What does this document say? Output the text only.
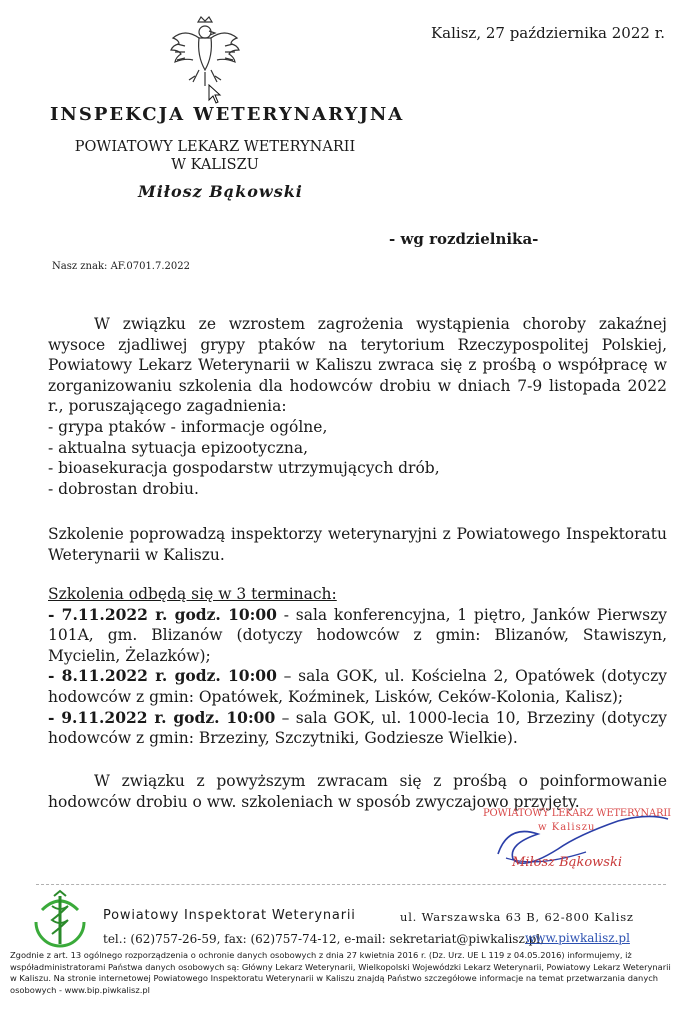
Kalisz, 27 października 2022 r.
INSPEKCJA WETERYNARYJNA
POWIATOWY LEKARZ WETERYNARII
W KALISZU
Miłosz Bąkowski
- wg rozdzielnika-
Nasz znak: AF.0701.7.2022

W związku ze wzrostem zagrożenia wystąpienia choroby zakaźnej wysoce zjadliwej grypy ptaków na terytorium Rzeczypospolitej Polskiej, Powiatowy Lekarz Weterynarii w Kaliszu zwraca się z prośbą o współpracę w zorganizowaniu szkolenia dla hodowców drobiu w dniach 7-9 listopada 2022 r., poruszającego zagadnienia:

- grypa ptaków - informacje ogólne,

- aktualna sytuacja epizootyczna,

- bioasekuracja gospodarstw utrzymujących drób,

- dobrostan drobiu.

Szkolenie poprowadzą inspektorzy weterynaryjni z Powiatowego Inspektoratu Weterynarii w Kaliszu.

Szkolenia odbędą się w 3 terminach:

- 7.11.2022 r. godz. 10:00 - sala konferencyjna, 1 piętro, Janków Pierwszy 101A, gm. Blizanów (dotyczy hodowców z gmin: Blizanów, Stawiszyn, Mycielin, Żelazków);

- 8.11.2022 r. godz. 10:00 – sala GOK, ul. Kościelna 2, Opatówek (dotyczy hodowców z gmin: Opatówek, Koźminek, Lisków, Ceków-Kolonia, Kalisz);

- 9.11.2022 r. godz. 10:00 – sala GOK, ul. 1000-lecia 10, Brzeziny (dotyczy hodowców z gmin: Brzeziny, Szczytniki, Godziesze Wielkie).

W związku z powyższym zwracam się z prośbą o poinformowanie hodowców drobiu o ww. szkoleniach w sposób zwyczajowo przyjęty.
POWIATOWY LEKARZ WETERYNARII
w Kaliszu
Miłosz Bąkowski
Powiatowy Inspektorat Weterynarii	ul. Warszawska 63 B, 62-800 Kalisz
tel.: (62)757-26-59, fax: (62)757-74-12, e-mail: sekretariat@piwkalisz.pl,
www.piwkalisz.pl
Zgodnie z art. 13 ogólnego rozporządzenia o ochronie danych osobowych z dnia 27 kwietnia 2016 r. (Dz. Urz. UE L 119 z 04.05.2016) informujemy, iż współadministratorami Państwa danych osobowych są: Główny Lekarz Weterynarii, Wielkopolski Wojewódzki Lekarz Weterynarii, Powiatowy Lekarz Weterynarii w Kaliszu. Na stronie internetowej Powiatowego Inspektoratu Weterynarii w Kaliszu znajdą Państwo szczegółowe informacje na temat przetwarzania danych osobowych - www.bip.piwkalisz.pl
